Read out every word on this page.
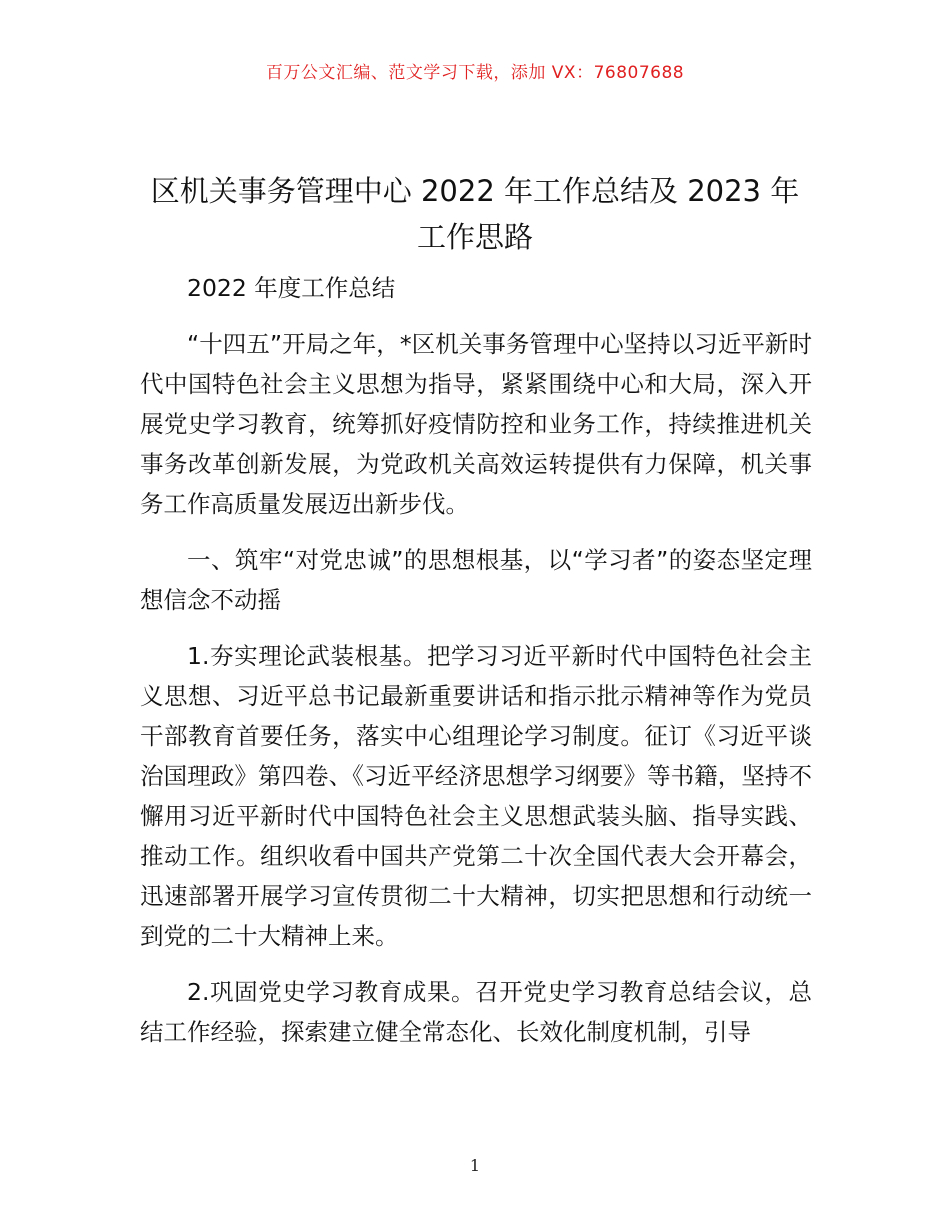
百万公文汇编、范文学习下载，添加 VX：76807688
区机关事务管理中心 2022 年工作总结及 2023 年工作思路

2022 年度工作总结

“十四五”开局之年，*区机关事务管理中心坚持以习近平新时代中国特色社会主义思想为指导，紧紧围绕中心和大局，深入开展党史学习教育，统筹抓好疫情防控和业务工作，持续推进机关事务改革创新发展，为党政机关高效运转提供有力保障，机关事务工作高质量发展迈出新步伐。

一、筑牢“对党忠诚”的思想根基，以“学习者”的姿态坚定理想信念不动摇

1.夯实理论武装根基。把学习习近平新时代中国特色社会主义思想、习近平总书记最新重要讲话和指示批示精神等作为党员干部教育首要任务，落实中心组理论学习制度。征订《习近平谈治国理政》第四卷、《习近平经济思想学习纲要》等书籍，坚持不懈用习近平新时代中国特色社会主义思想武装头脑、指导实践、推动工作。组织收看中国共产党第二十次全国代表大会开幕会，迅速部署开展学习宣传贯彻二十大精神，切实把思想和行动统一到党的二十大精神上来。

2.巩固党史学习教育成果。召开党史学习教育总结会议，总结工作经验，探索建立健全常态化、长效化制度机制，引导

1
